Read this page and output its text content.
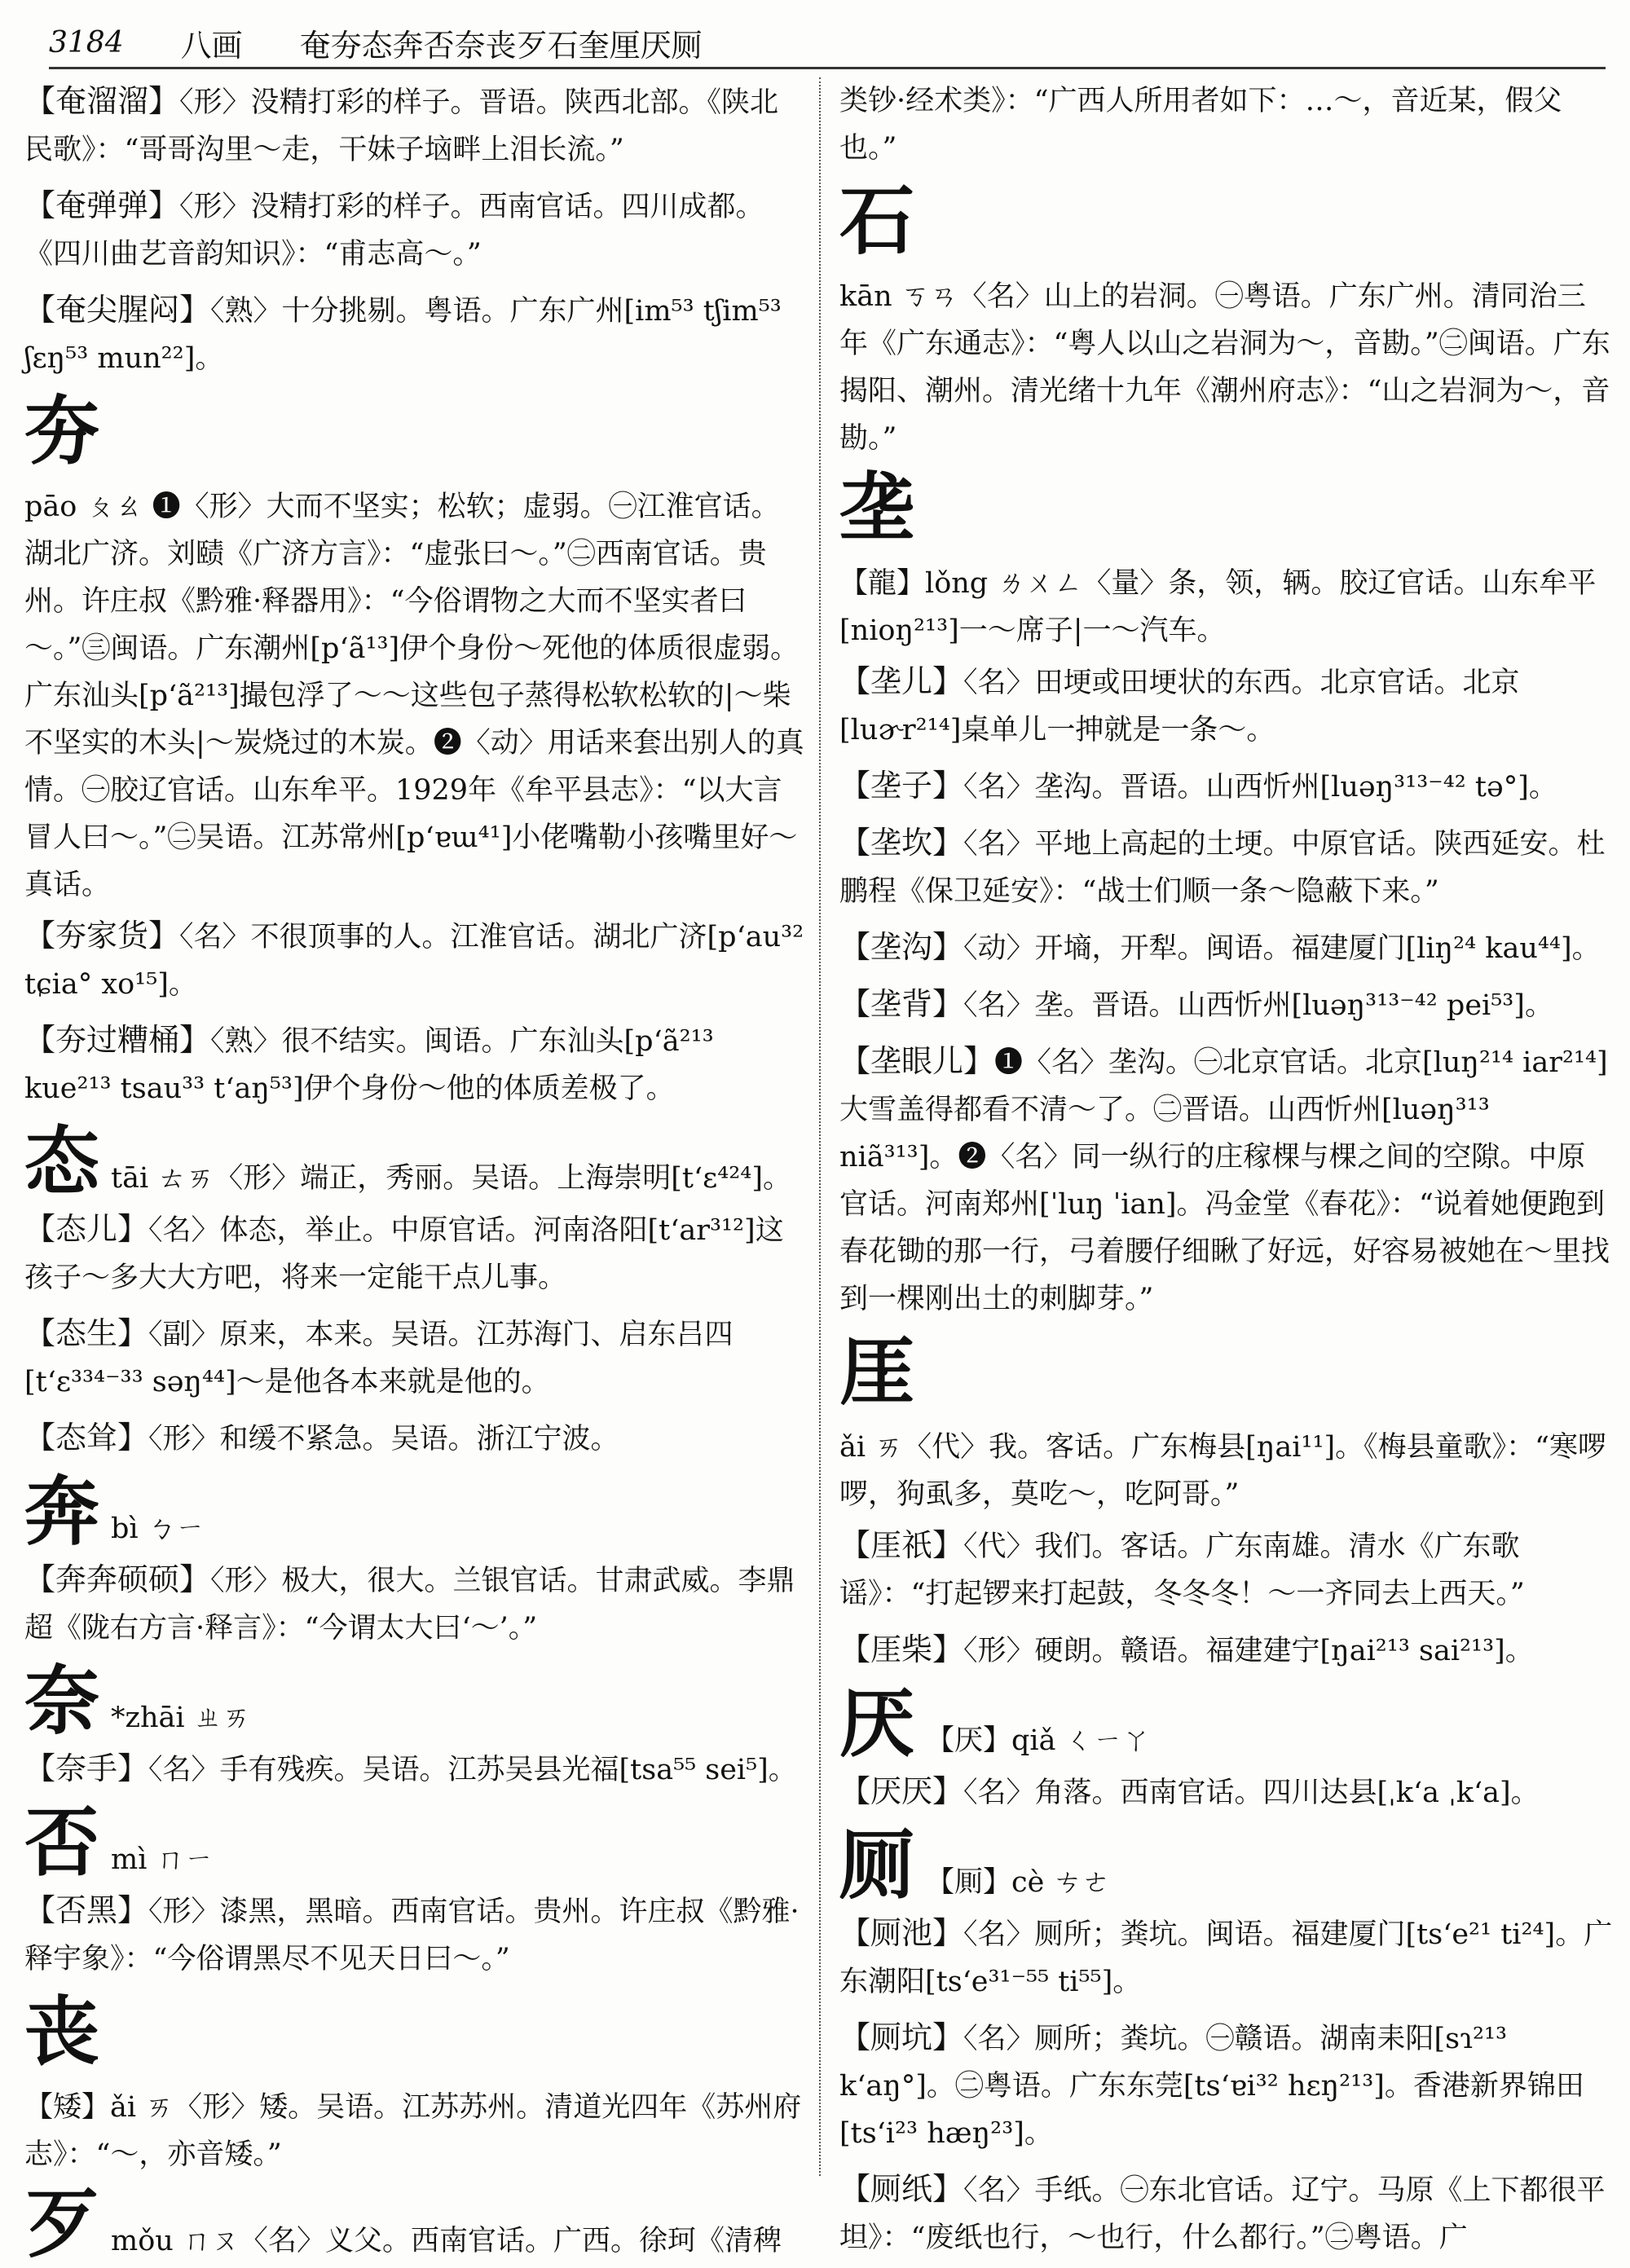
3184 八画 奄夯态奔否奈丧歹石奎厘厌厕
【奄溜溜】〈形〉没精打彩的样子。晋语。陕西北部。《陕北民歌》：“哥哥沟里～走，干妹子垴畔上泪长流。”
【奄弹弹】〈形〉没精打彩的样子。西南官话。四川成都。《四川曲艺音韵知识》：“甫志高～。”
【奄尖腥闷】〈熟〉十分挑剔。粤语。广东广州[im⁵³ tʃim⁵³ ʃɛŋ⁵³ mun²²]。
夯
pāo ㄆㄠ ❶〈形〉大而不坚实；松软；虚弱。㊀江淮官话。湖北广济。刘赜《广济方言》：“虚张曰～。”㊁西南官话。贵州。许庄叔《黔雅·释器用》：“今俗谓物之大而不坚实者曰～。”㊂闽语。广东潮州[p‘ã¹³]伊个身份～死他的体质很虚弱。广东汕头[p‘ã²¹³]撮包浮了～～这些包子蒸得松软松软的|～柴不坚实的木头|～炭烧过的木炭。❷〈动〉用话来套出别人的真情。㊀胶辽官话。山东牟平。1929年《牟平县志》：“以大言冒人曰～。”㊁吴语。江苏常州[p‘ɐɯ⁴¹]小佬嘴勒小孩嘴里好～真话。
【夯家货】〈名〉不很顶事的人。江淮官话。湖北广济[p‘au³² tɕia° xo¹⁵]。
【夯过糟桶】〈熟〉很不结实。闽语。广东汕头[p‘ã²¹³ kue²¹³ tsau³³ t‘aŋ⁵³]伊个身份～他的体质差极了。
态 tāi ㄊㄞ〈形〉端正，秀丽。吴语。上海崇明[t‘ɛ⁴²⁴]。
【态儿】〈名〉体态，举止。中原官话。河南洛阳[t‘ar³¹²]这孩子～多大大方吧，将来一定能干点儿事。
【态生】〈副〉原来，本来。吴语。江苏海门、启东吕四[t‘ɛ³³⁴⁻³³ səŋ⁴⁴]～是他各本来就是他的。
【态耸】〈形〉和缓不紧急。吴语。浙江宁波。
奔 bì ㄅㄧ
【奔奔硕硕】〈形〉极大，很大。兰银官话。甘肃武威。李鼎超《陇右方言·释言》：“今谓太大曰‘～’。”
奈 *zhāi ㄓㄞ
【奈手】〈名〉手有残疾。吴语。江苏吴县光福[tsa⁵⁵ sei⁵]。
否 mì ㄇㄧ
【否黑】〈形〉漆黑，黑暗。西南官话。贵州。许庄叔《黔雅·释宇象》：“今俗谓黑尽不见天日曰～。”
丧
【矮】ǎi ㄞ〈形〉矮。吴语。江苏苏州。清道光四年《苏州府志》：“～，亦音矮。”
歹 mǒu ㄇㄡ〈名〉义父。西南官话。广西。徐珂《清稗
类钞·经术类》：“广西人所用者如下：…～，音近某，假父也。”
石
kān ㄎㄢ〈名〉山上的岩洞。㊀粤语。广东广州。清同治三年《广东通志》：“粤人以山之岩洞为～，音勘。”㊁闽语。广东揭阳、潮州。清光绪十九年《潮州府志》：“山之岩洞为～，音勘。”
垄
【龍】lǒng ㄌㄨㄥ〈量〉条，领，辆。胶辽官话。山东牟平[nioŋ²¹³]一～席子|一～汽车。
【垄儿】〈名〉田埂或田埂状的东西。北京官话。北京[luɚr²¹⁴]桌单儿一抻就是一条～。
【垄子】〈名〉垄沟。晋语。山西忻州[luəŋ³¹³⁻⁴² tə°]。
【垄坎】〈名〉平地上高起的土埂。中原官话。陕西延安。杜鹏程《保卫延安》：“战士们顺一条～隐蔽下来。”
【垄沟】〈动〉开墒，开犁。闽语。福建厦门[liŋ²⁴ kau⁴⁴]。
【垄背】〈名〉垄。晋语。山西忻州[luəŋ³¹³⁻⁴² pei⁵³]。
【垄眼儿】❶〈名〉垄沟。㊀北京官话。北京[luŋ²¹⁴ iar²¹⁴]大雪盖得都看不清～了。㊁晋语。山西忻州[luəŋ³¹³ niã³¹³]。❷〈名〉同一纵行的庄稼棵与棵之间的空隙。中原官话。河南郑州[ˈluŋ ˈian]。冯金堂《春花》：“说着她便跑到春花锄的那一行，弓着腰仔细瞅了好远，好容易被她在～里找到一棵刚出土的刺脚芽。”
厓
ǎi ㄞ〈代〉我。客话。广东梅县[ŋai¹¹]。《梅县童歌》：“寒啰啰，狗虱多，莫吃～，吃阿哥。”
【厓祇】〈代〉我们。客话。广东南雄。清水《广东歌谣》：“打起锣来打起鼓，冬冬冬！～一齐同去上西天。”
【厓柴】〈形〉硬朗。赣语。福建建宁[ŋai²¹³ sai²¹³]。
厌 【厌】qiǎ ㄑㄧㄚ
【厌厌】〈名〉角落。西南官话。四川达县[ˌk‘a ˌk‘a]。
厕 【厠】cè ㄘㄜ
【厕池】〈名〉厕所；粪坑。闽语。福建厦门[ts‘e²¹ ti²⁴]。广东潮阳[ts‘e³¹⁻⁵⁵ ti⁵⁵]。
【厕坑】〈名〉厕所；粪坑。㊀赣语。湖南耒阳[sɿ²¹³ k‘aŋ°]。㊁粤语。广东东莞[ts‘ɐi³² hɛŋ²¹³]。香港新界锦田[ts‘i²³ hæŋ²³]。
【厕纸】〈名〉手纸。㊀东北官话。辽宁。马原《上下都很平坦》：“废纸也行，～也行，什么都行。”㊁粤语。广
